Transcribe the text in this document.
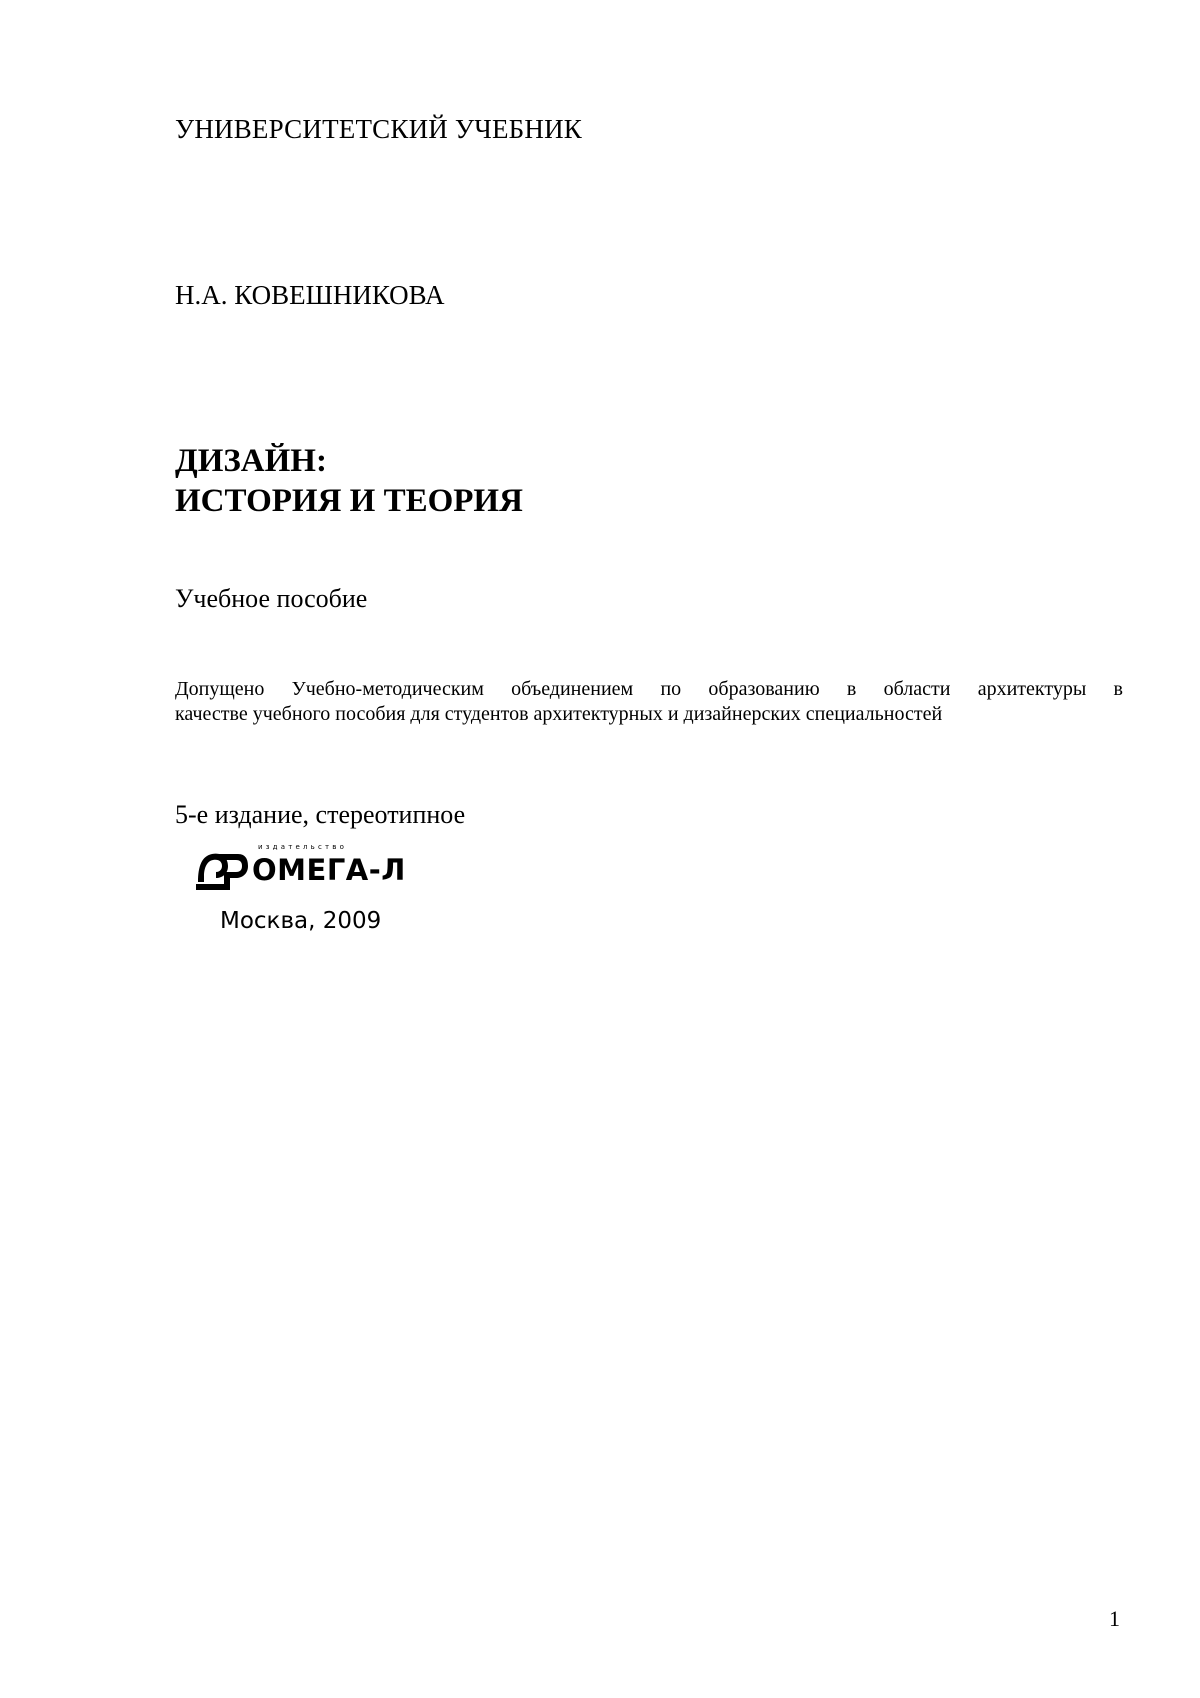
УНИВЕРСИТЕТСКИЙ УЧЕБНИК
Н.А. КОВЕШНИКОВА
ДИЗАЙН:
ИСТОРИЯ И ТЕОРИЯ
Учебное пособие
Допущено Учебно-методическим объединением по образованию в области архитектуры в
качестве учебного пособия для студентов архитектурных и дизайнерских специальностей
5-е издание, стереотипное
издательство
ОМЕГА-Л
Москва, 2009
1
